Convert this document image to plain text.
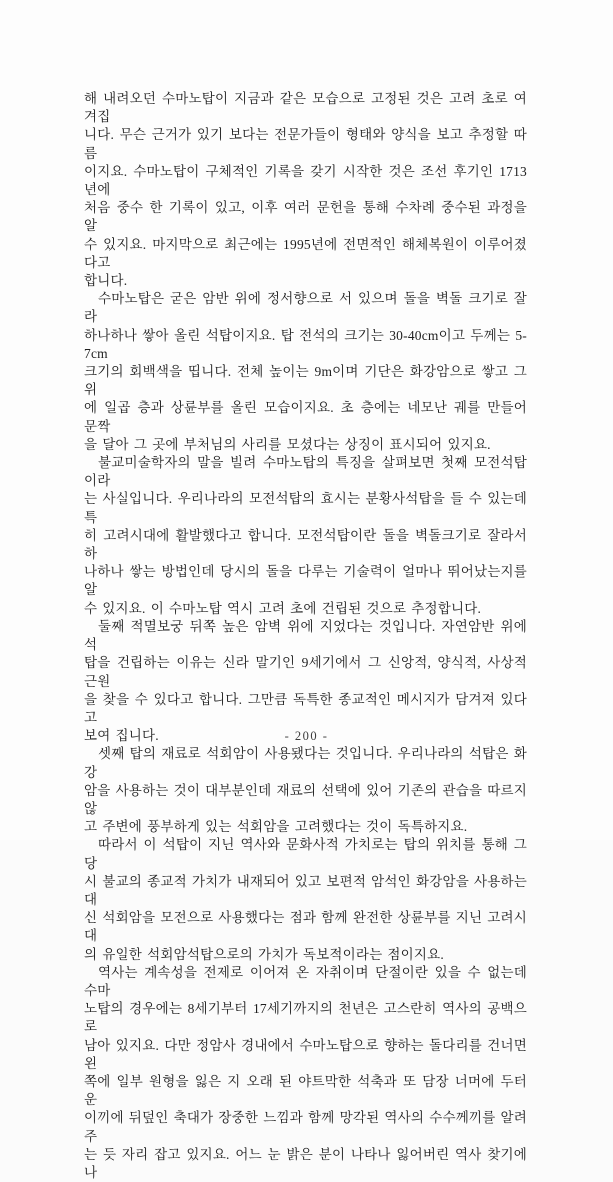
해 내려오던 수마노탑이 지금과 같은 모습으로 고정된 것은 고려 초로 여겨집
니다. 무슨 근거가 있기 보다는 전문가들이 형태와 양식을 보고 추정할 따름
이지요. 수마노탑이 구체적인 기록을 갖기 시작한 것은 조선 후기인 1713년에
처음 중수 한 기록이 있고, 이후 여러 문헌을 통해 수차례 중수된 과정을 알
수 있지요. 마지막으로 최근에는 1995년에 전면적인 해체복원이 이루어졌다고
합니다.
수마노탑은 굳은 암반 위에 정서향으로 서 있으며 돌을 벽돌 크기로 잘라
하나하나 쌓아 올린 석탑이지요. 탑 전석의 크기는 30-40cm이고 두께는 5-7cm
크기의 회백색을 띱니다. 전체 높이는 9m이며 기단은 화강암으로 쌓고 그 위
에 일곱 층과 상륜부를 올린 모습이지요. 초 층에는 네모난 궤를 만들어 문짝
을 달아 그 곳에 부처님의 사리를 모셨다는 상징이 표시되어 있지요.
불교미술학자의 말을 빌려 수마노탑의 특징을 살펴보면 첫째 모전석탑이라
는 사실입니다. 우리나라의 모전석탑의 효시는 분황사석탑을 들 수 있는데 특
히 고려시대에 활발했다고 합니다. 모전석탑이란 돌을 벽돌크기로 잘라서 하
나하나 쌓는 방법인데 당시의 돌을 다루는 기술력이 얼마나 뛰어났는지를 알
수 있지요. 이 수마노탑 역시 고려 초에 건립된 것으로 추정합니다.
둘째 적멸보궁 뒤쪽 높은 암벽 위에 지었다는 것입니다. 자연암반 위에 석
탑을 건립하는 이유는 신라 말기인 9세기에서 그 신앙적, 양식적, 사상적 근원
을 찾을 수 있다고 합니다. 그만큼 독특한 종교적인 메시지가 담겨져 있다고
보여 집니다.
셋째 탑의 재료로 석회암이 사용됐다는 것입니다. 우리나라의 석탑은 화강
암을 사용하는 것이 대부분인데 재료의 선택에 있어 기존의 관습을 따르지 않
고 주변에 풍부하게 있는 석회암을 고려했다는 것이 독특하지요.
따라서 이 석탑이 지닌 역사와 문화사적 가치로는 탑의 위치를 통해 그 당
시 불교의 종교적 가치가 내재되어 있고 보편적 암석인 화강암을 사용하는 대
신 석회암을 모전으로 사용했다는 점과 함께 완전한 상륜부를 지닌 고려시대
의 유일한 석회암석탑으로의 가치가 독보적이라는 점이지요.
역사는 계속성을 전제로 이어져 온 자취이며 단절이란 있을 수 없는데 수마
노탑의 경우에는 8세기부터 17세기까지의 천년은 고스란히 역사의 공백으로
남아 있지요. 다만 정암사 경내에서 수마노탑으로 향하는 돌다리를 건너면 왼
쪽에 일부 원형을 잃은 지 오래 된 야트막한 석축과 또 담장 너머에 두터운
이끼에 뒤덮인 축대가 장중한 느낌과 함께 망각된 역사의 수수께끼를 알려 주
는 듯 자리 잡고 있지요. 어느 눈 밝은 분이 나타나 잃어버린 역사 찾기에 나
- 200 -
